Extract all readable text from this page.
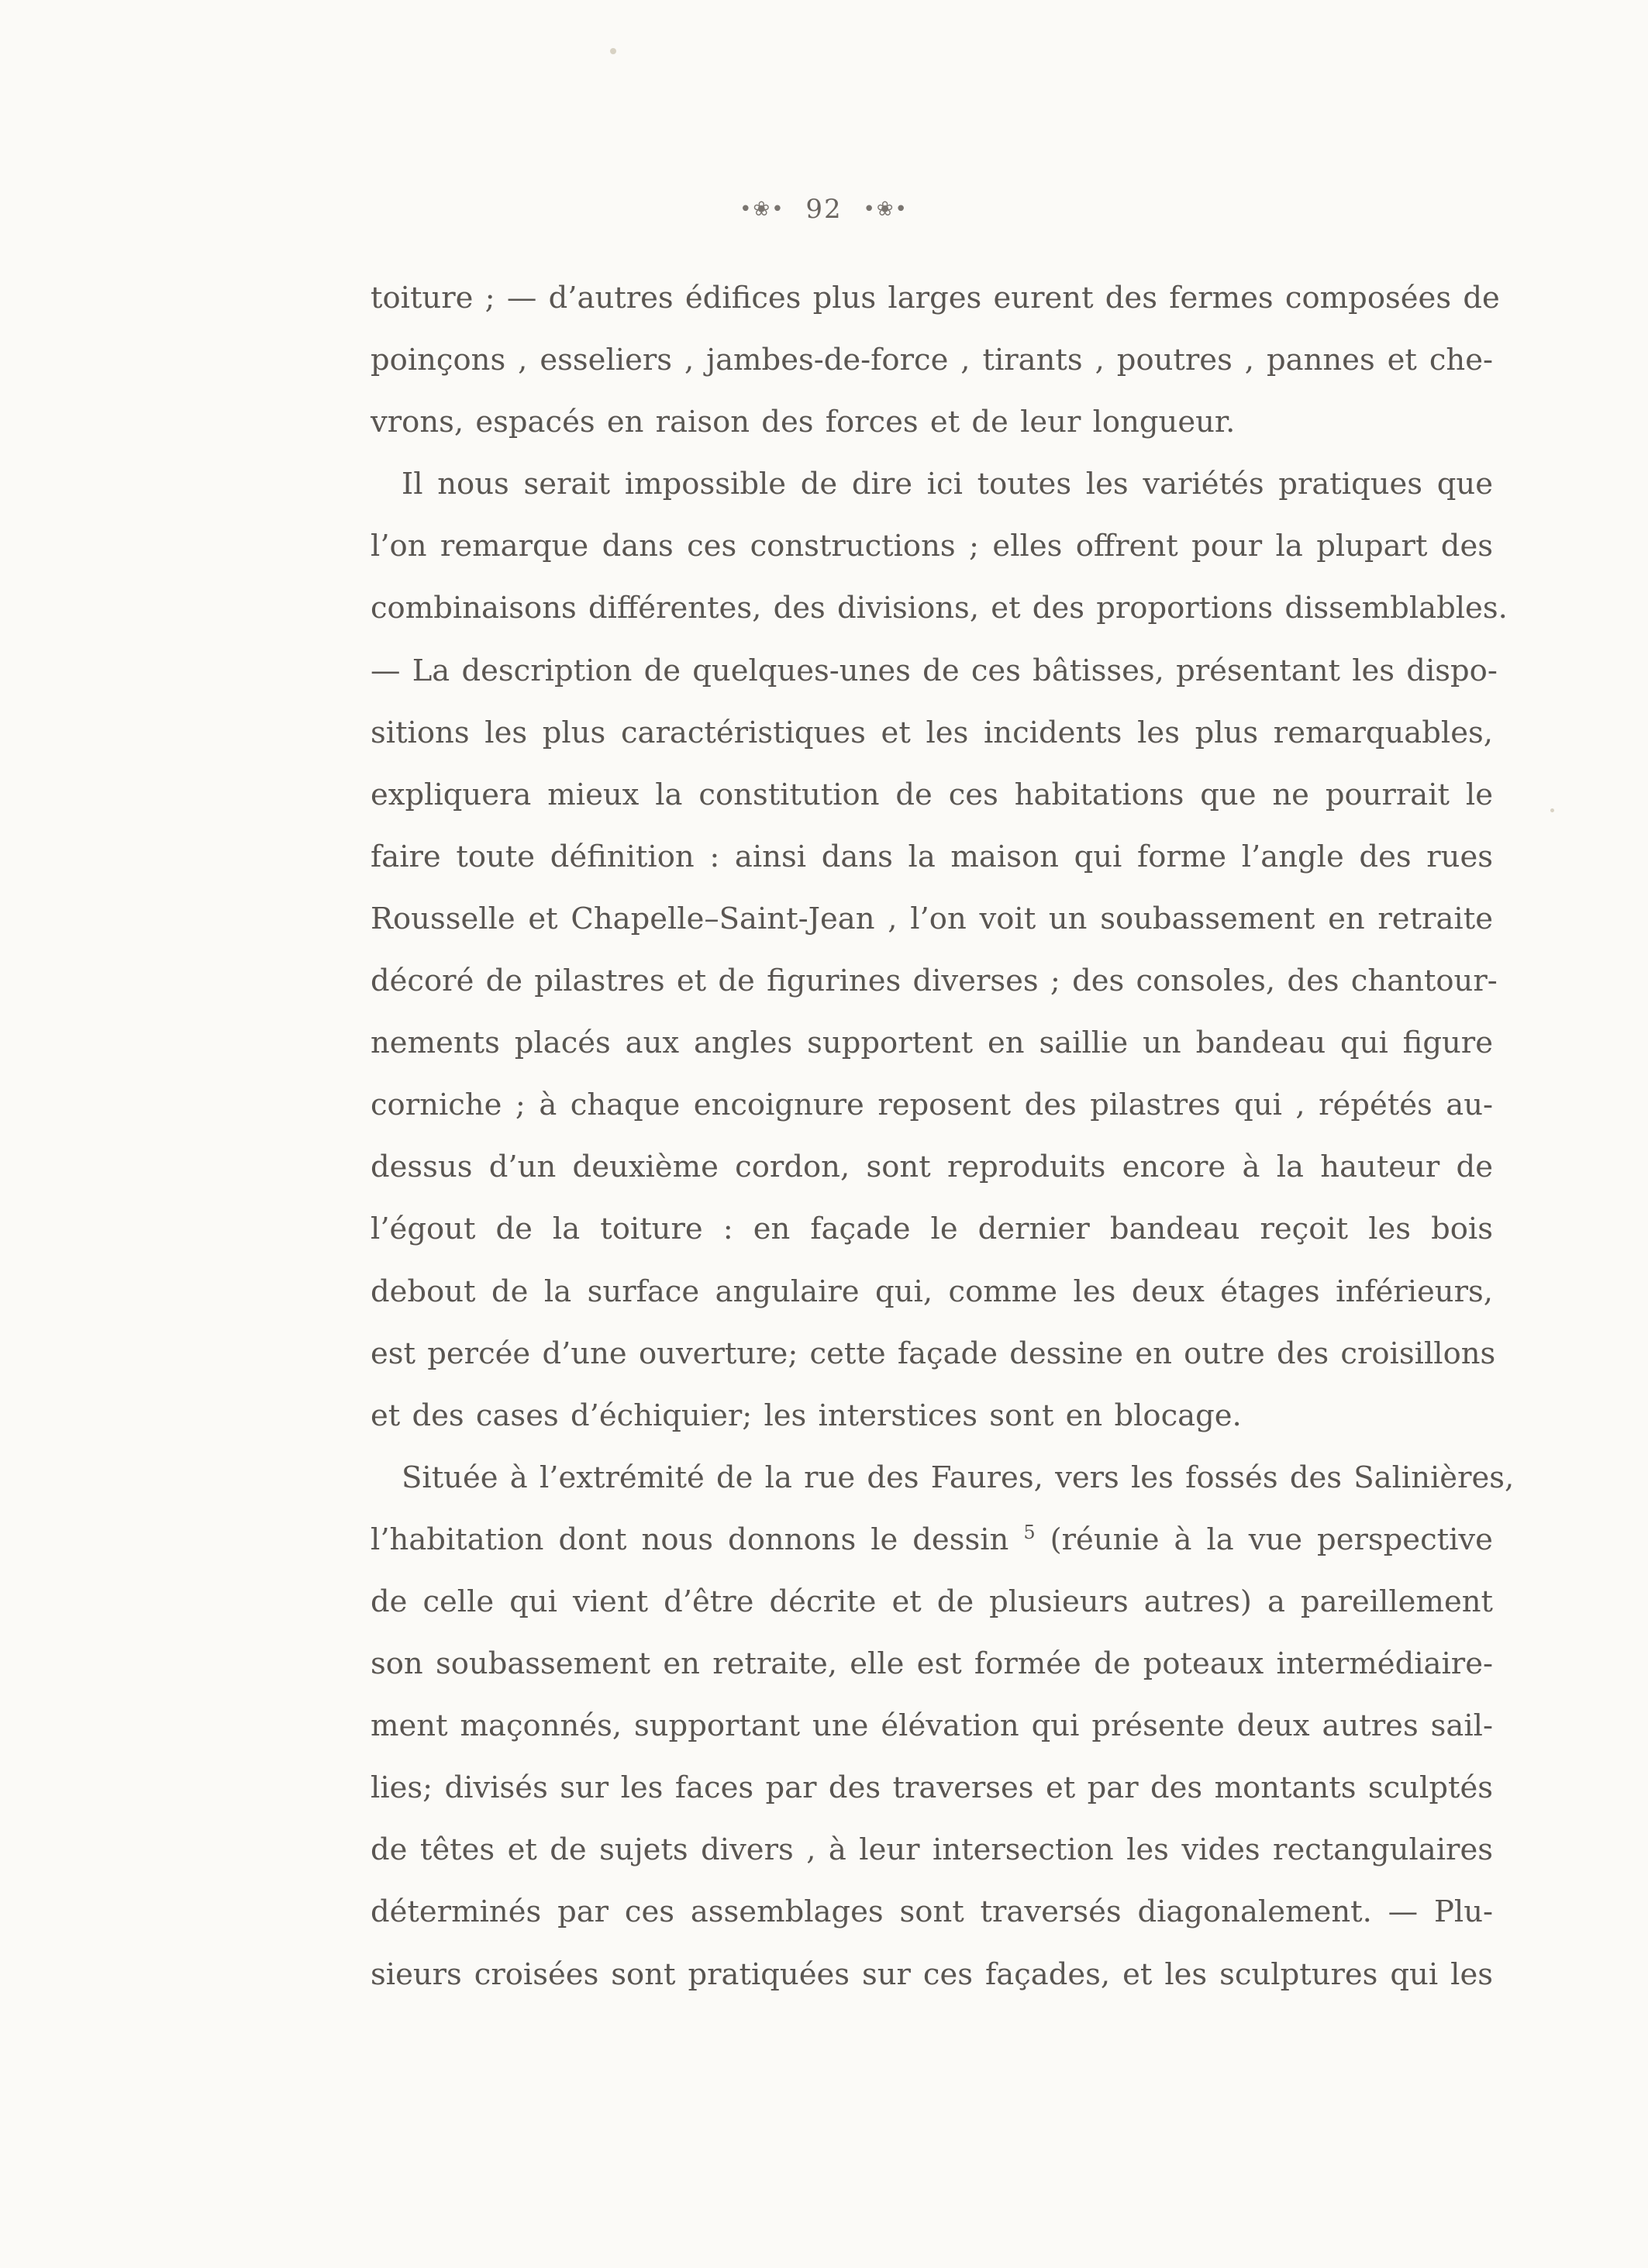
•❀• 92 •❀•
toiture ; — d’autres édifices plus larges eurent des fermes composées de
poinçons , esseliers , jambes-de-force , tirants , poutres , pannes et che-
vrons, espacés en raison des forces et de leur longueur.
Il nous serait impossible de dire ici toutes les variétés pratiques que
l’on remarque dans ces constructions ; elles offrent pour la plupart des
combinaisons différentes, des divisions, et des proportions dissemblables.
— La description de quelques-unes de ces bâtisses, présentant les dispo-
sitions les plus caractéristiques et les incidents les plus remarquables,
expliquera mieux la constitution de ces habitations que ne pourrait le
faire toute définition : ainsi dans la maison qui forme l’angle des rues
Rousselle et Chapelle–Saint-Jean , l’on voit un soubassement en retraite
décoré de pilastres et de figurines diverses ; des consoles, des chantour-
nements placés aux angles supportent en saillie un bandeau qui figure
corniche ; à chaque encoignure reposent des pilastres qui , répétés au-
dessus d’un deuxième cordon, sont reproduits encore à la hauteur de
l’égout de la toiture : en façade le dernier bandeau reçoit les bois
debout de la surface angulaire qui, comme les deux étages inférieurs,
est percée d’une ouverture; cette façade dessine en outre des croisillons
et des cases d’échiquier; les interstices sont en blocage.
Située à l’extrémité de la rue des Faures, vers les fossés des Salinières,
l’habitation dont nous donnons le dessin $^5$ (réunie à la vue perspective
de celle qui vient d’être décrite et de plusieurs autres) a pareillement
son soubassement en retraite, elle est formée de poteaux intermédiaire-
ment maçonnés, supportant une élévation qui présente deux autres sail-
lies; divisés sur les faces par des traverses et par des montants sculptés
de têtes et de sujets divers , à leur intersection les vides rectangulaires
déterminés par ces assemblages sont traversés diagonalement. — Plu-
sieurs croisées sont pratiquées sur ces façades, et les sculptures qui les
